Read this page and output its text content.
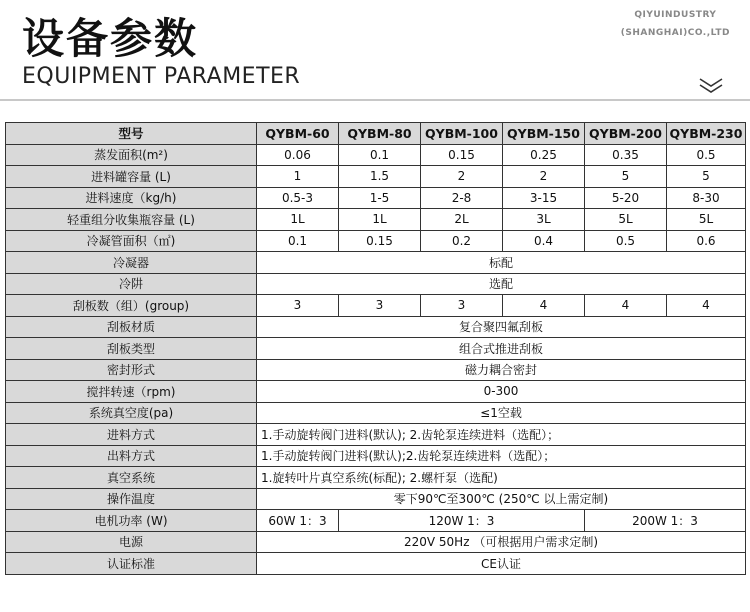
设备参数
EQUIPMENT PARAMETER
QIYUINDUSTRY
(SHANGHAI)CO.,LTD
型号	QYBM-60	QYBM-80	QYBM-100	QYBM-150	QYBM-200	QYBM-230
蒸发面积(m²)	0.06	0.1	0.15	0.25	0.35	0.5
进料罐容量 (L)	1	1.5	2	2	5	5
进料速度（kg/h)	0.5-3	1-5	2-8	3-15	5-20	8-30
轻重组分收集瓶容量 (L)	1L	1L	2L	3L	5L	5L
冷凝管面积（㎡)	0.1	0.15	0.2	0.4	0.5	0.6
冷凝器	标配					
冷阱	选配					
刮板数（组）(group)	3	3	3	4	4	4
刮板材质	复合聚四氟刮板					
刮板类型	组合式推进刮板					
密封形式	磁力耦合密封					
搅拌转速（rpm)	0-300					
系统真空度(pa)	≤1空载					
进料方式	1.手动旋转阀门进料(默认); 2.齿轮泵连续进料（选配）；					
出料方式	1.手动旋转阀门进料(默认);2.齿轮泵连续进料（选配）；					
真空系统	1.旋转叶片真空系统(标配); 2.螺杆泵（选配)					
操作温度	零下90℃至300℃ (250℃ 以上需定制)					
电机功率 (W)	60W 1：3	120W 1：3			200W 1：3	
电源	220V 50Hz （可根据用户需求定制)					
认证标准	CE认证					
